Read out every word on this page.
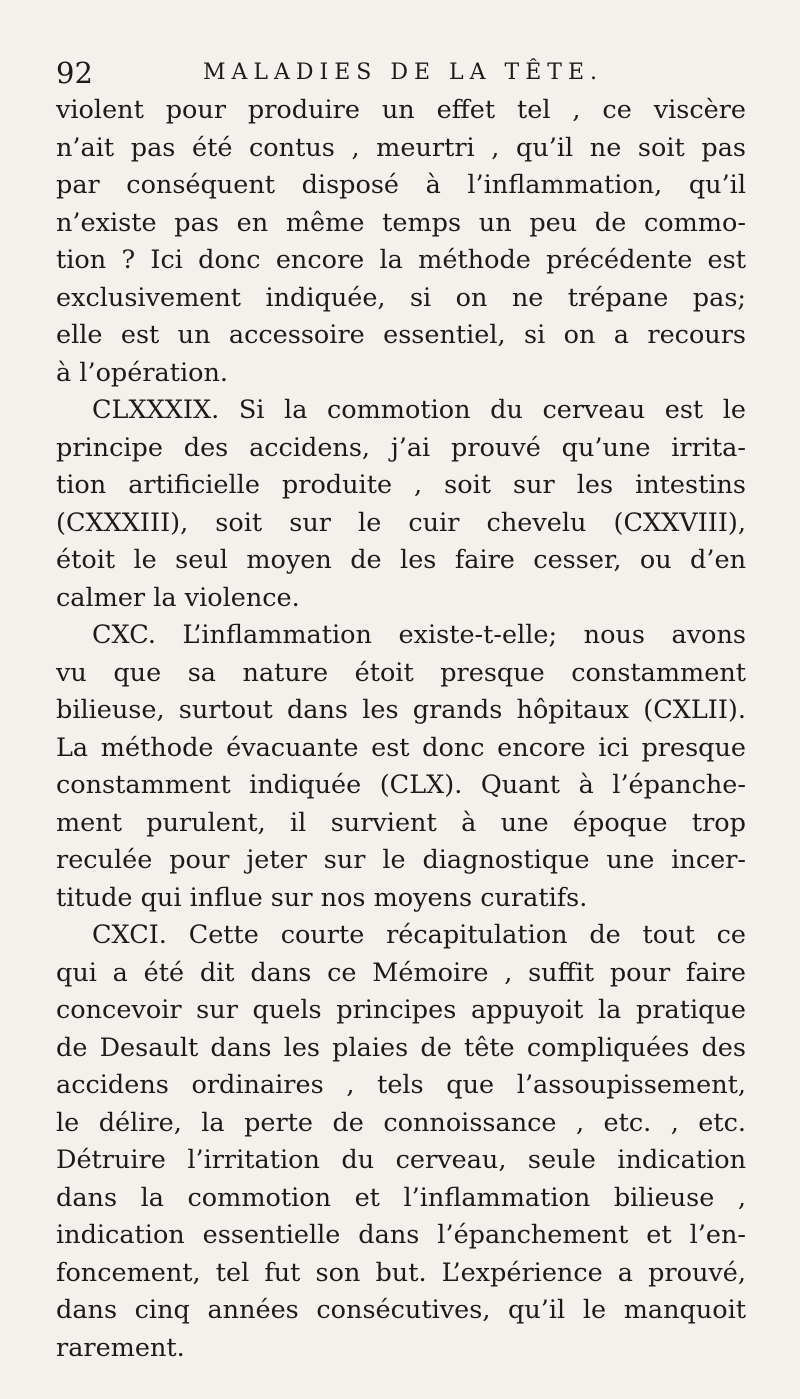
92	MALADIES DE LA TÊTE.
violent pour produire un effet tel , ce viscère
n’ait pas été contus , meurtri , qu’il ne soit pas
par conséquent disposé à l’inflammation, qu’il
n’existe pas en même temps un peu de commo-
tion ? Ici donc encore la méthode précédente est
exclusivement indiquée, si on ne trépane pas;
elle est un accessoire essentiel, si on a recours
à l’opération.
CLXXXIX. Si la commotion du cerveau est le
principe des accidens, j’ai prouvé qu’une irrita-
tion artificielle produite , soit sur les intestins
(CXXXIII), soit sur le cuir chevelu (CXXVIII),
étoit le seul moyen de les faire cesser, ou d’en
calmer la violence.
CXC. L’inflammation existe-t-elle; nous avons
vu que sa nature étoit presque constamment
bilieuse, surtout dans les grands hôpitaux (CXLII).
La méthode évacuante est donc encore ici presque
constamment indiquée (CLX). Quant à l’épanche-
ment purulent, il survient à une époque trop
reculée pour jeter sur le diagnostique une incer-
titude qui influe sur nos moyens curatifs.
CXCI. Cette courte récapitulation de tout ce
qui a été dit dans ce Mémoire , suffit pour faire
concevoir sur quels principes appuyoit la pratique
de Desault dans les plaies de tête compliquées des
accidens ordinaires , tels que l’assoupissement,
le délire, la perte de connoissance , etc. , etc.
Détruire l’irritation du cerveau, seule indication
dans la commotion et l’inflammation bilieuse ,
indication essentielle dans l’épanchement et l’en-
foncement, tel fut son but. L’expérience a prouvé,
dans cinq années consécutives, qu’il le manquoit
rarement.
